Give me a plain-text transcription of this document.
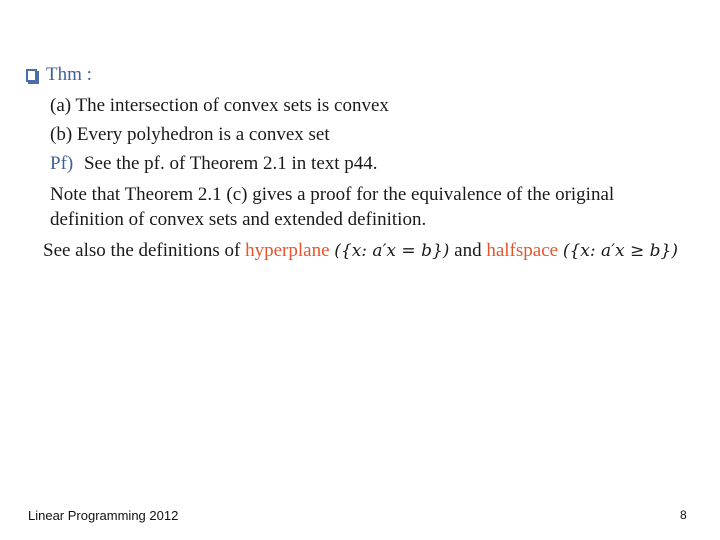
Thm :
(a) The intersection of convex sets is convex
(b) Every polyhedron is a convex set
Pf) See the pf. of Theorem 2.1 in text p44.
Note that Theorem 2.1 (c) gives a proof for the equivalence of the original
definition of convex sets and extended definition.
See also the definitions of hyperplane ({x: a′x = b}) and halfspace ({x: a′x ≥ b})
Linear Programming 2012	8
